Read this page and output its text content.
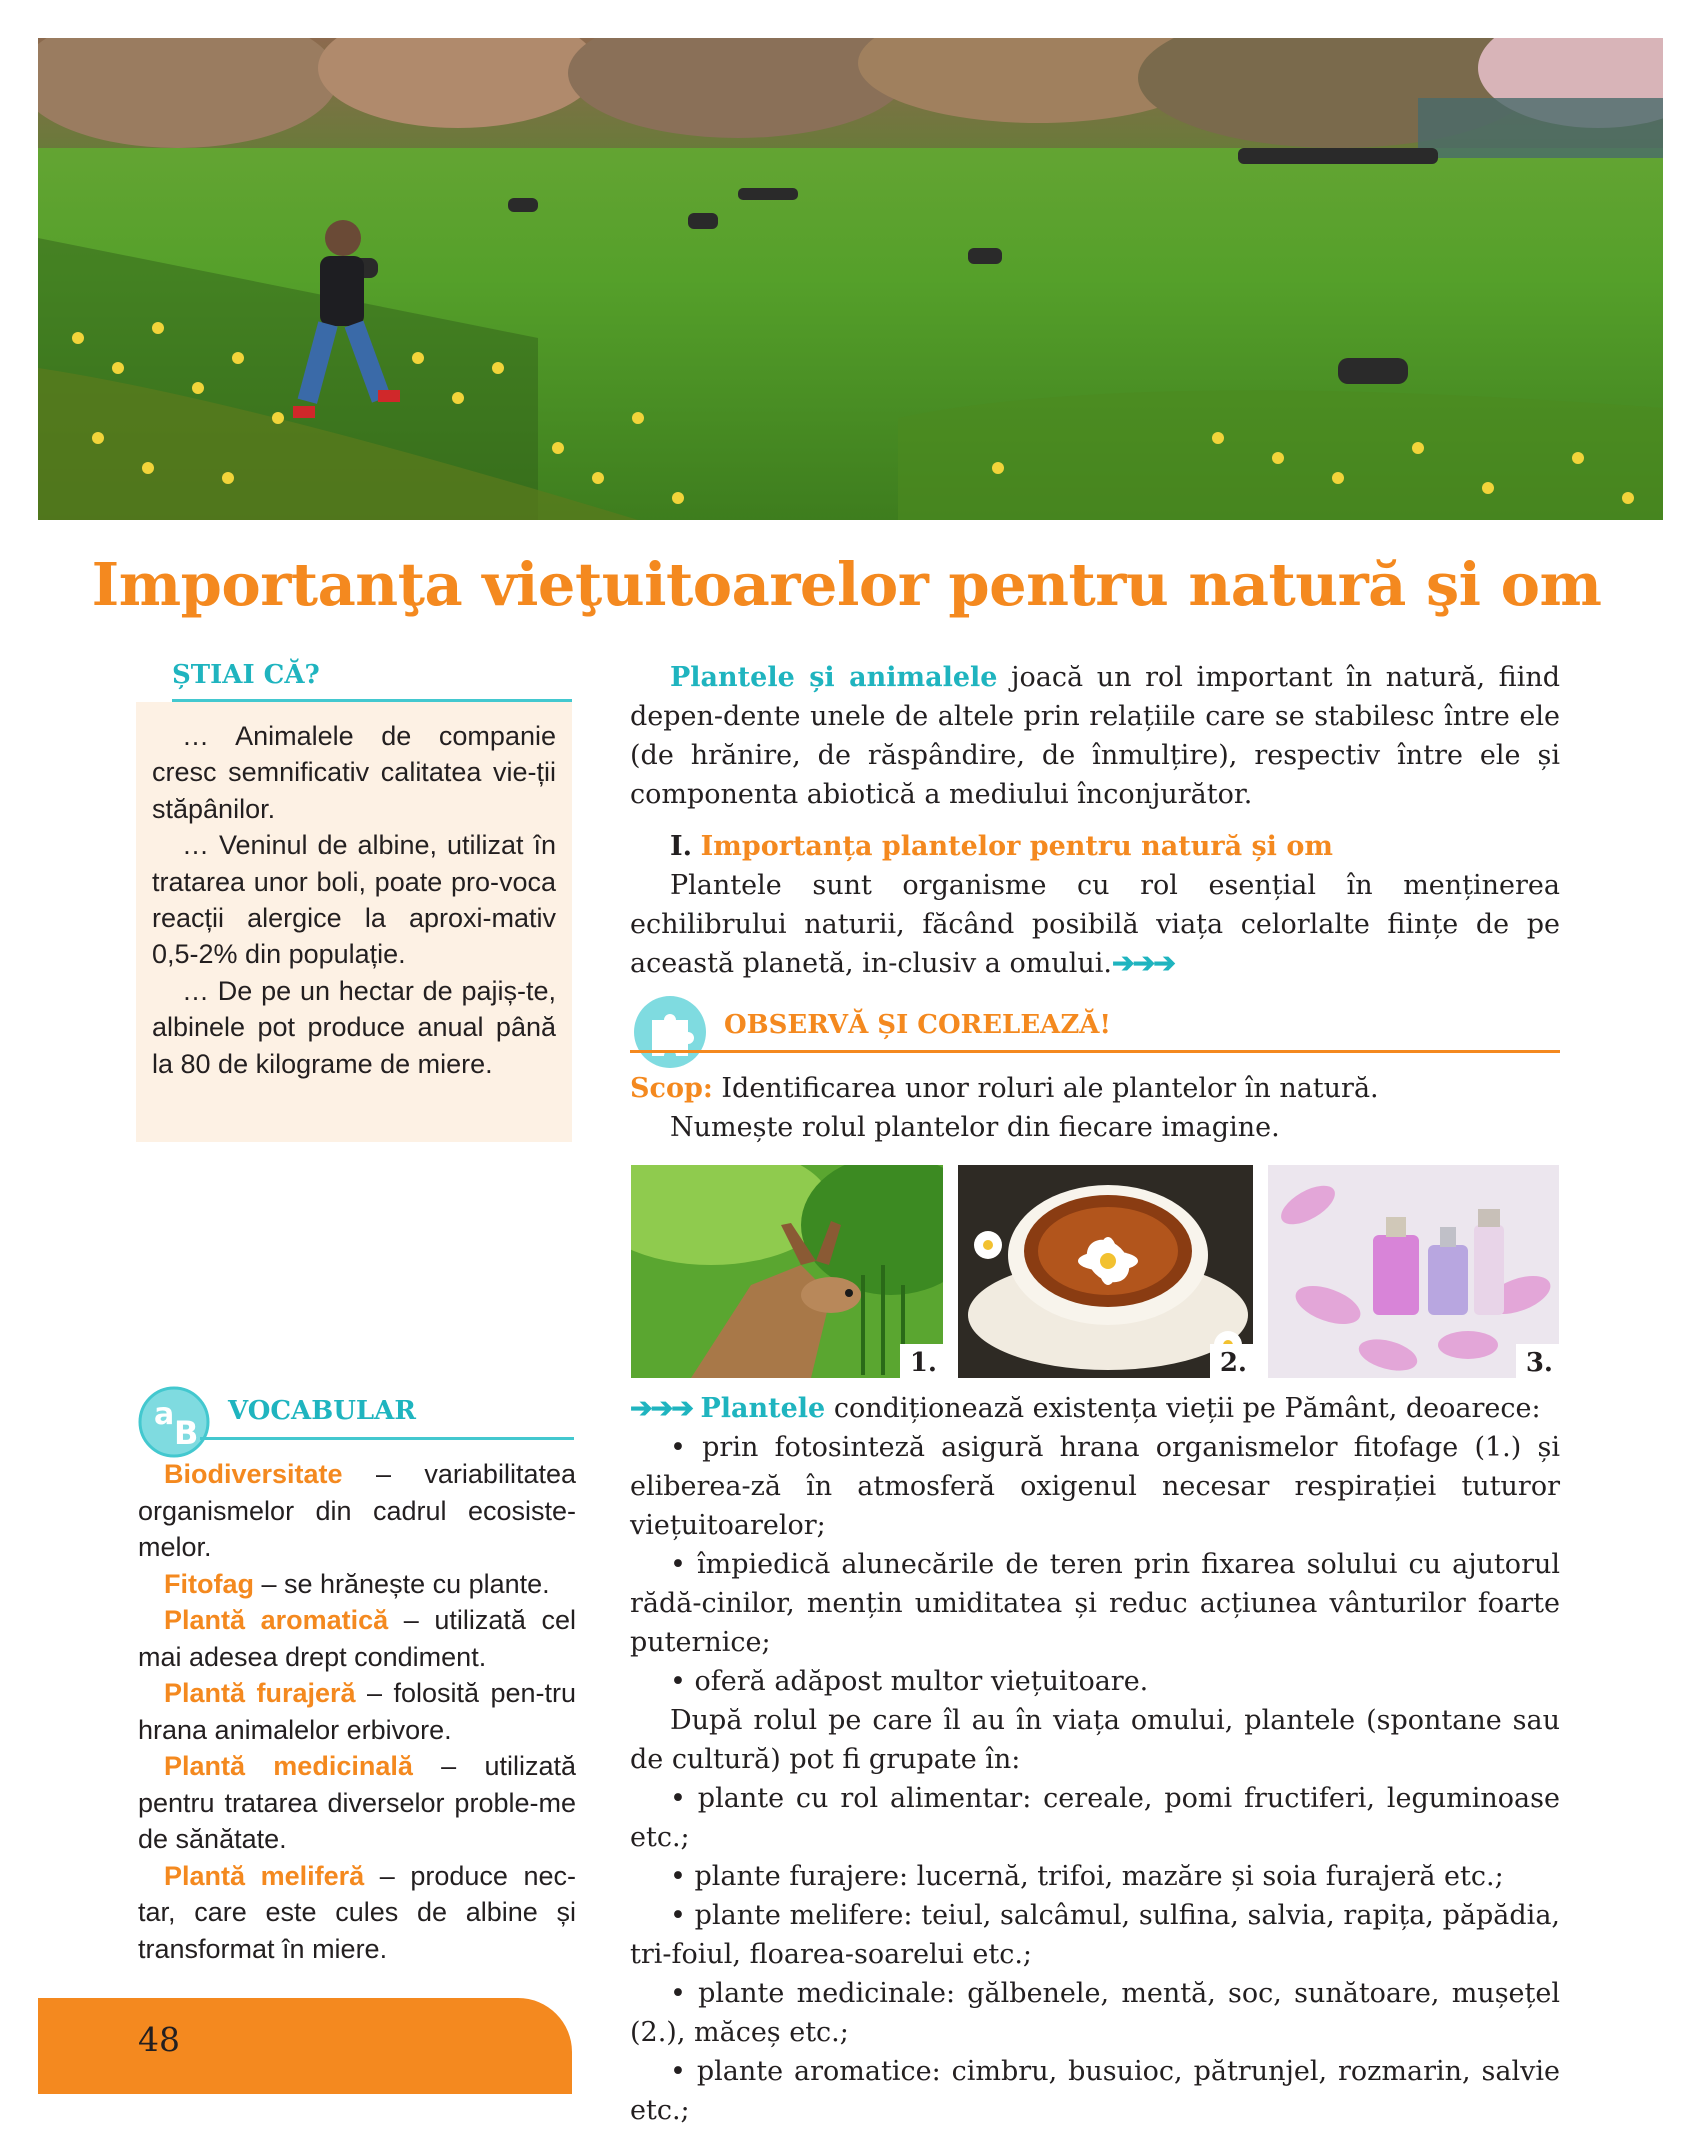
Importanţa vieţuitoarelor pentru natură şi om
ȘTIAI CĂ?

… Animalele de companie cresc semnificativ calitatea vie-ții stăpânilor.

… Veninul de albine, utilizat în tratarea unor boli, poate pro-voca reacții alergice la aproxi-mativ 0,5-2% din populație.

… De pe un hectar de pajiș-te, albinele pot produce anual până la 80 de kilograme de miere.

a B
VOCABULAR

Biodiversitate – variabilitatea organismelor din cadrul ecosiste-melor.

Fitofag – se hrănește cu plante.

Plantă aromatică – utilizată cel mai adesea drept condiment.

Plantă furajeră – folosită pen-tru hrana animalelor erbivore.

Plantă medicinală – utilizată pentru tratarea diverselor proble-me de sănătate.

Plantă meliferă – produce nec-tar, care este cules de albine și transformat în miere.

48

Plantele și animalele joacă un rol important în natură, fiind depen-dente unele de altele prin relațiile care se stabilesc între ele (de hrănire, de răspândire, de înmulțire), respectiv între ele și componenta abiotică a mediului înconjurător.

I. Importanța plantelor pentru natură și om

Plantele sunt organisme cu rol esențial în menținerea echilibrului naturii, făcând posibilă viața celorlalte ființe de pe această planetă, in-clusiv a omului.➔➔➔

OBSERVĂ ȘI CORELEAZĂ!

Scop: Identificarea unor roluri ale plantelor în natură.

Numește rolul plantelor din fiecare imagine.

1.	2.	3.

➔➔➔ Plantele condiționează existența vieții pe Pământ, deoarece:

• prin fotosinteză asigură hrana organismelor fitofage (1.) și eliberea-ză în atmosferă oxigenul necesar respirației tuturor viețuitoarelor;

• împiedică alunecările de teren prin fixarea solului cu ajutorul rădă-cinilor, mențin umiditatea și reduc acțiunea vânturilor foarte puternice;

• oferă adăpost multor viețuitoare.

După rolul pe care îl au în viața omului, plantele (spontane sau de cultură) pot fi grupate în:

• plante cu rol alimentar: cereale, pomi fructiferi, leguminoase etc.;

• plante furajere: lucernă, trifoi, mazăre și soia furajeră etc.;

• plante melifere: teiul, salcâmul, sulfina, salvia, rapița, păpădia, tri-foiul, floarea-soarelui etc.;

• plante medicinale: gălbenele, mentă, soc, sunătoare, mușețel (2.), măceș etc.;

• plante aromatice: cimbru, busuioc, pătrunjel, rozmarin, salvie etc.;
